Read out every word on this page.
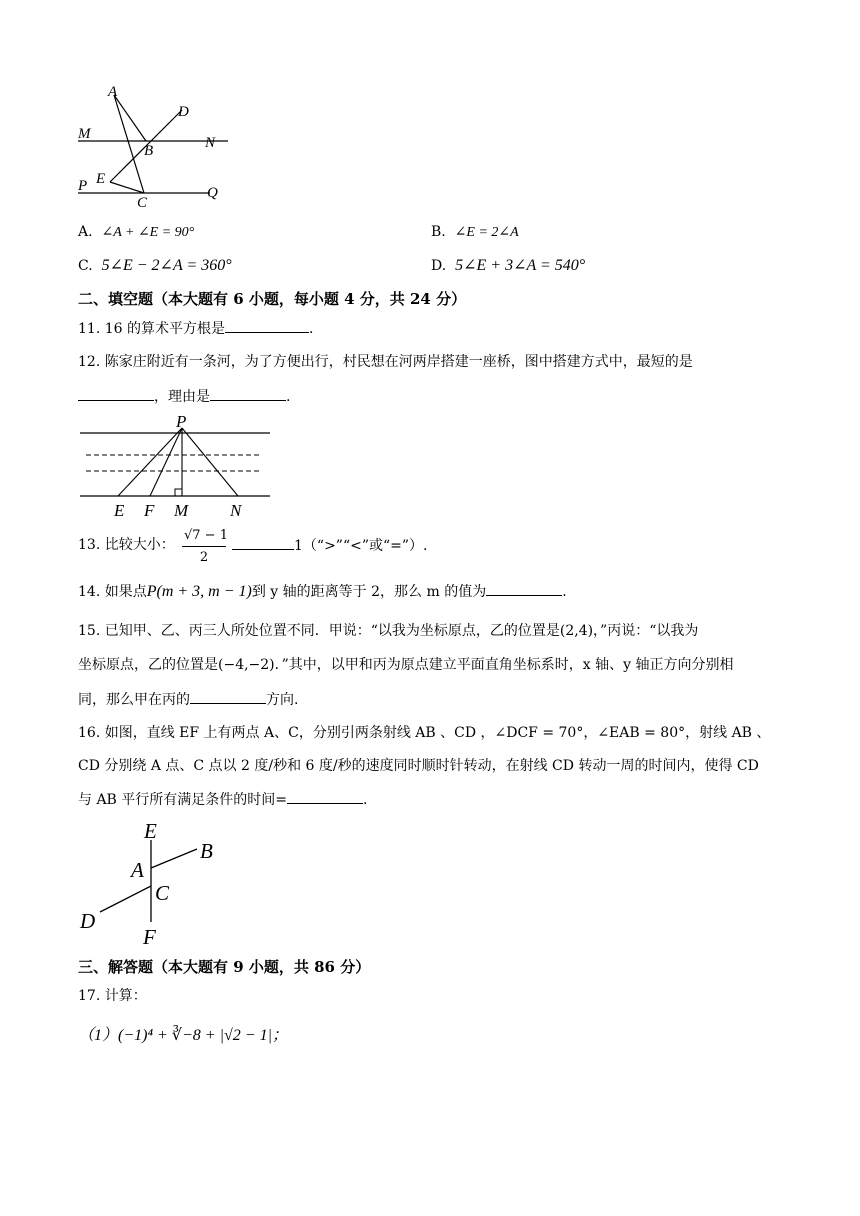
A
D
M
B	N
E
P
C
Q
A. ∠A + ∠E = 90°	B. ∠E = 2∠A
C. 5∠E − 2∠A = 360°	D. 5∠E + 3∠A = 540°
二、填空题（本大题有 6 小题，每小题 4 分，共 24 分）
11. 16 的算术平方根是	.
12. 陈家庄附近有一条河，为了方便出行，村民想在河两岸搭建一座桥，图中搭建方式中，最短的是
，理由是	.
P
E F M N
13. 比较大小： $\frac{√7 - 1}{2}$	1（“>”“<”或“=”）.
14. 如果点P(m + 3, m − 1)到 y 轴的距离等于 2，那么 m 的值为	.
15. 已知甲、乙、丙三人所处位置不同．甲说：“以我为坐标原点，乙的位置是(2,4)，”丙说：“以我为
坐标原点，乙的位置是(−4,−2)．”其中，以甲和丙为原点建立平面直角坐标系时，x 轴、y 轴正方向分别相
同，那么甲在丙的	方向.
16. 如图，直线 EF 上有两点 A、C，分别引两条射线 AB 、CD ，∠DCF = 70°，∠EAB = 80°，射线 AB 、
CD 分别绕 A 点、C 点以 2 度/秒和 6 度/秒的速度同时顺时针转动，在射线 CD 转动一周的时间内，使得 CD
与 AB 平行所有满足条件的时间=	.
E
B
A
C
D
F
三、解答题（本大题有 9 小题，共 86 分）
17. 计算：
（1）(−1)⁴ + ∛−8 + |√2 − 1|；
